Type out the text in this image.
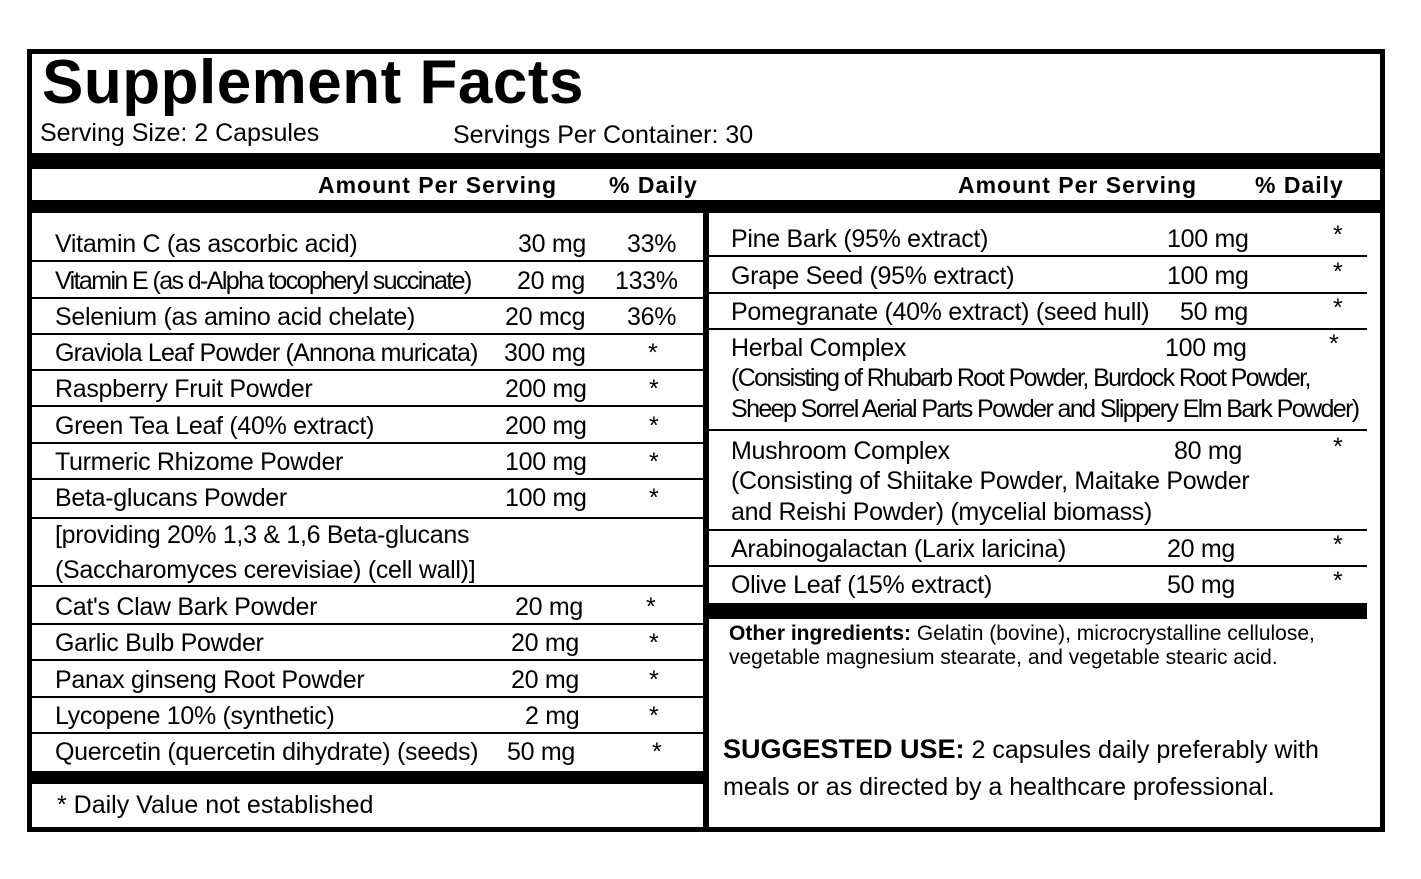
Supplement Facts
Serving Size: 2 Capsules	Servings Per Container: 30
Amount Per Serving % Daily	Amount Per Serving	% Daily
Vitamin C (as ascorbic acid)	30 mg 33%
Vitamin E (as d-Alpha tocopheryl succinate) 20 mg 133%
Selenium (as amino acid chelate)	20 mcg 36%
Graviola Leaf Powder (Annona muricata) 300 mg *
Raspberry Fruit Powder	200 mg *
Green Tea Leaf (40% extract)	200 mg *
Turmeric Rhizome Powder	100 mg *
Beta-glucans Powder	100 mg *
[providing 20% 1,3 & 1,6 Beta-glucans
(Saccharomyces cerevisiae) (cell wall)]
Cat's Claw Bark Powder	20 mg	*
Garlic Bulb Powder	20 mg	*
Panax ginseng Root Powder	20 mg	*
Lycopene 10% (synthetic)	2 mg	*
Quercetin (quercetin dihydrate) (seeds) 50 mg	*
* Daily Value not established
Pine Bark (95% extract)	100 mg	*
Grape Seed (95% extract)	100 mg	*
Pomegranate (40% extract) (seed hull) 50 mg	*
Herbal Complex	100 mg	*
(Consisting of Rhubarb Root Powder, Burdock Root Powder,
Sheep Sorrel Aerial Parts Powder and Slippery Elm Bark Powder)
Mushroom Complex	80 mg	*
(Consisting of Shiitake Powder, Maitake Powder
and Reishi Powder) (mycelial biomass)
Arabinogalactan (Larix laricina)	20 mg	*
Olive Leaf (15% extract)	50 mg	*
Other ingredients: Gelatin (bovine), microcrystalline cellulose, vegetable magnesium stearate, and vegetable stearic acid.
SUGGESTED USE: 2 capsules daily preferably with meals or as directed by a healthcare professional.
